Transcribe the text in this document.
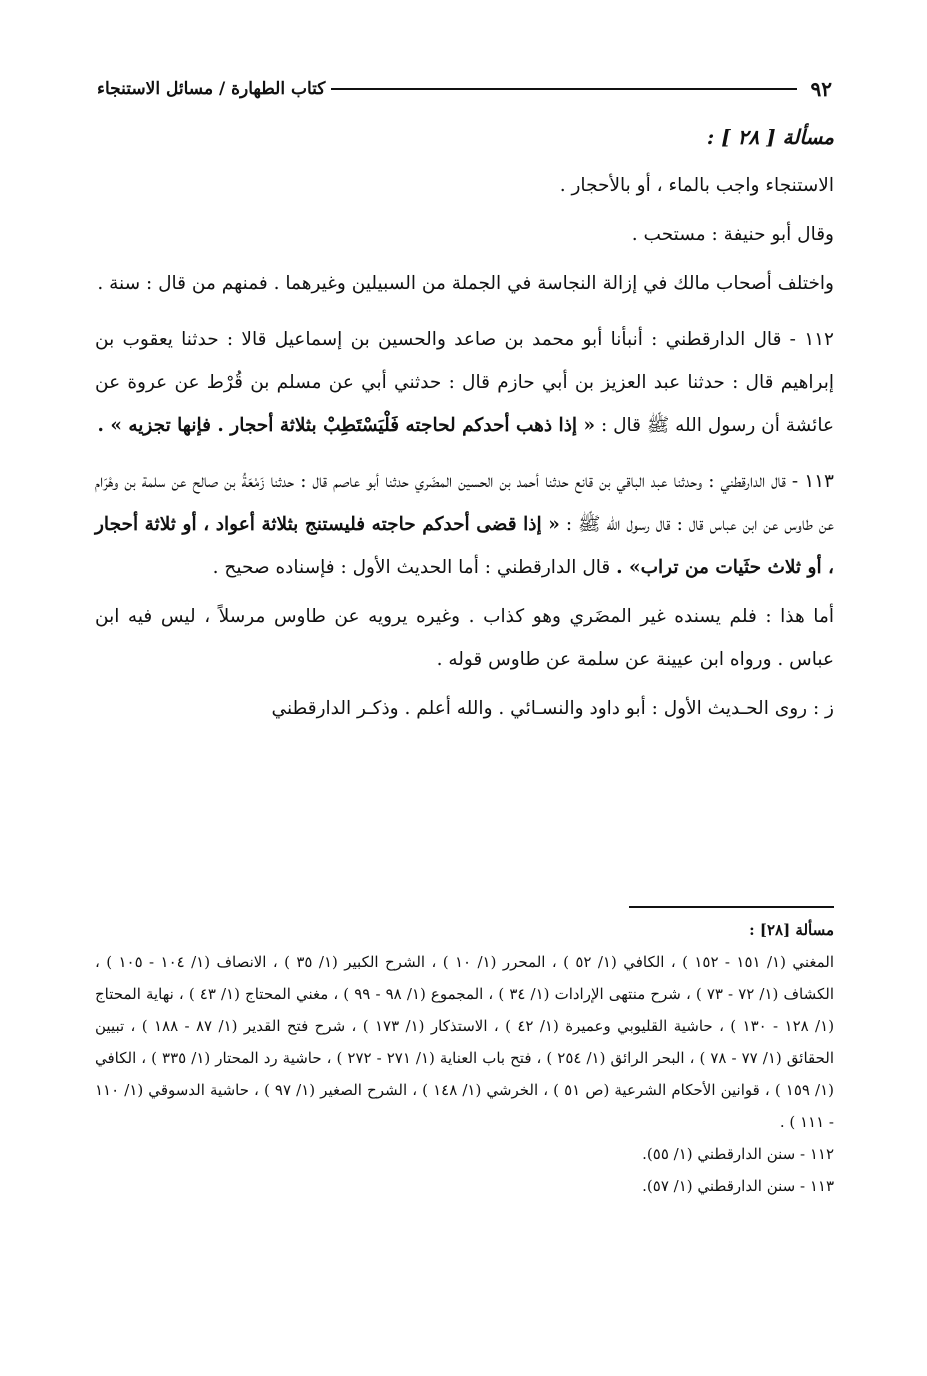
٩٢
كتاب الطهارة / مسائل الاستنجاء

مسألة [ ٢٨ ] :

الاستنجاء واجب بالماء ، أو بالأحجار .

وقال أبو حنيفة : مستحب .

واختلف أصحاب مالك في إزالة النجاسة في الجملة من السبيلين وغيرهما . فمنهم من قال : سنة .

١١٢ - قال الدارقطني : أنبأنا أبو محمد بن صاعد والحسين بن إسماعيل قالا : حدثنا يعقوب بن إبراهيم قال : حدثنا عبد العزيز بن أبي حازم قال : حدثني أبي عن مسلم بن قُرْط عن عروة عن عائشة أن رسول الله ﷺ قال : « إذا ذهب أحدكم لحاجته فَلْيَسْتَطِبْ بثلاثة أحجار . فإنها تجزيه » .

١١٣ - قال الدارقطني : وحدثنا عبد الباقي بن قانع حدثنا أحمد بن الحسين المضَري حدثنا أبو عاصم قال : حدثنا زَمْعَةُ بن صالح عن سلمة بن وهْرَام عن طاوس عن ابن عباس قال : قال رسول الله ﷺ : « إذا قضى أحدكم حاجته فليستنج بثلاثة أعواد ، أو ثلاثة أحجار ، أو ثلاث حثَيات من تراب» . قال الدارقطني : أما الحديث الأول : فإسناده صحيح .

أما هذا : فلم يسنده غير المضَري وهو كذاب . وغيره يرويه عن طاوس مرسلاً ، ليس فيه ابن عباس . ورواه ابن عيينة عن سلمة عن طاوس قوله .

ز : روى الحـديث الأول : أبو داود والنسـائي . والله أعلم . وذكـر الدارقطني

مسألة [٢٨] :

المغني (١/ ١٥١ - ١٥٢ ) ، الكافي (١/ ٥٢ ) ، المحرر (١/ ١٠ ) ، الشرح الكبير (١/ ٣٥ ) ، الانصاف (١/ ١٠٤ - ١٠٥ ) ، الكشاف (١/ ٧٢ - ٧٣ ) ، شرح منتهى الإرادات (١/ ٣٤ ) ، المجموع (١/ ٩٨ - ٩٩ ) ، مغني المحتاج (١/ ٤٣ ) ، نهاية المحتاج (١/ ١٢٨ - ١٣٠ ) ، حاشية القليوبي وعميرة (١/ ٤٢ ) ، الاستذكار (١/ ١٧٣ ) ، شرح فتح القدير (١/ ٨٧ - ١٨٨ ) ، تبيين الحقائق (١/ ٧٧ - ٧٨ ) ، البحر الرائق (١/ ٢٥٤ ) ، فتح باب العناية (١/ ٢٧١ - ٢٧٢ ) ، حاشية رد المحتار (١/ ٣٣٥ ) ، الكافي (١/ ١٥٩ ) ، قوانين الأحكام الشرعية (ص ٥١ ) ، الخرشي (١/ ١٤٨ ) ، الشرح الصغير (١/ ٩٧ ) ، حاشية الدسوقي (١/ ١١٠ - ١١١ ) .

١١٢ - سنن الدارقطني (١/ ٥٥).

١١٣ - سنن الدارقطني (١/ ٥٧).
